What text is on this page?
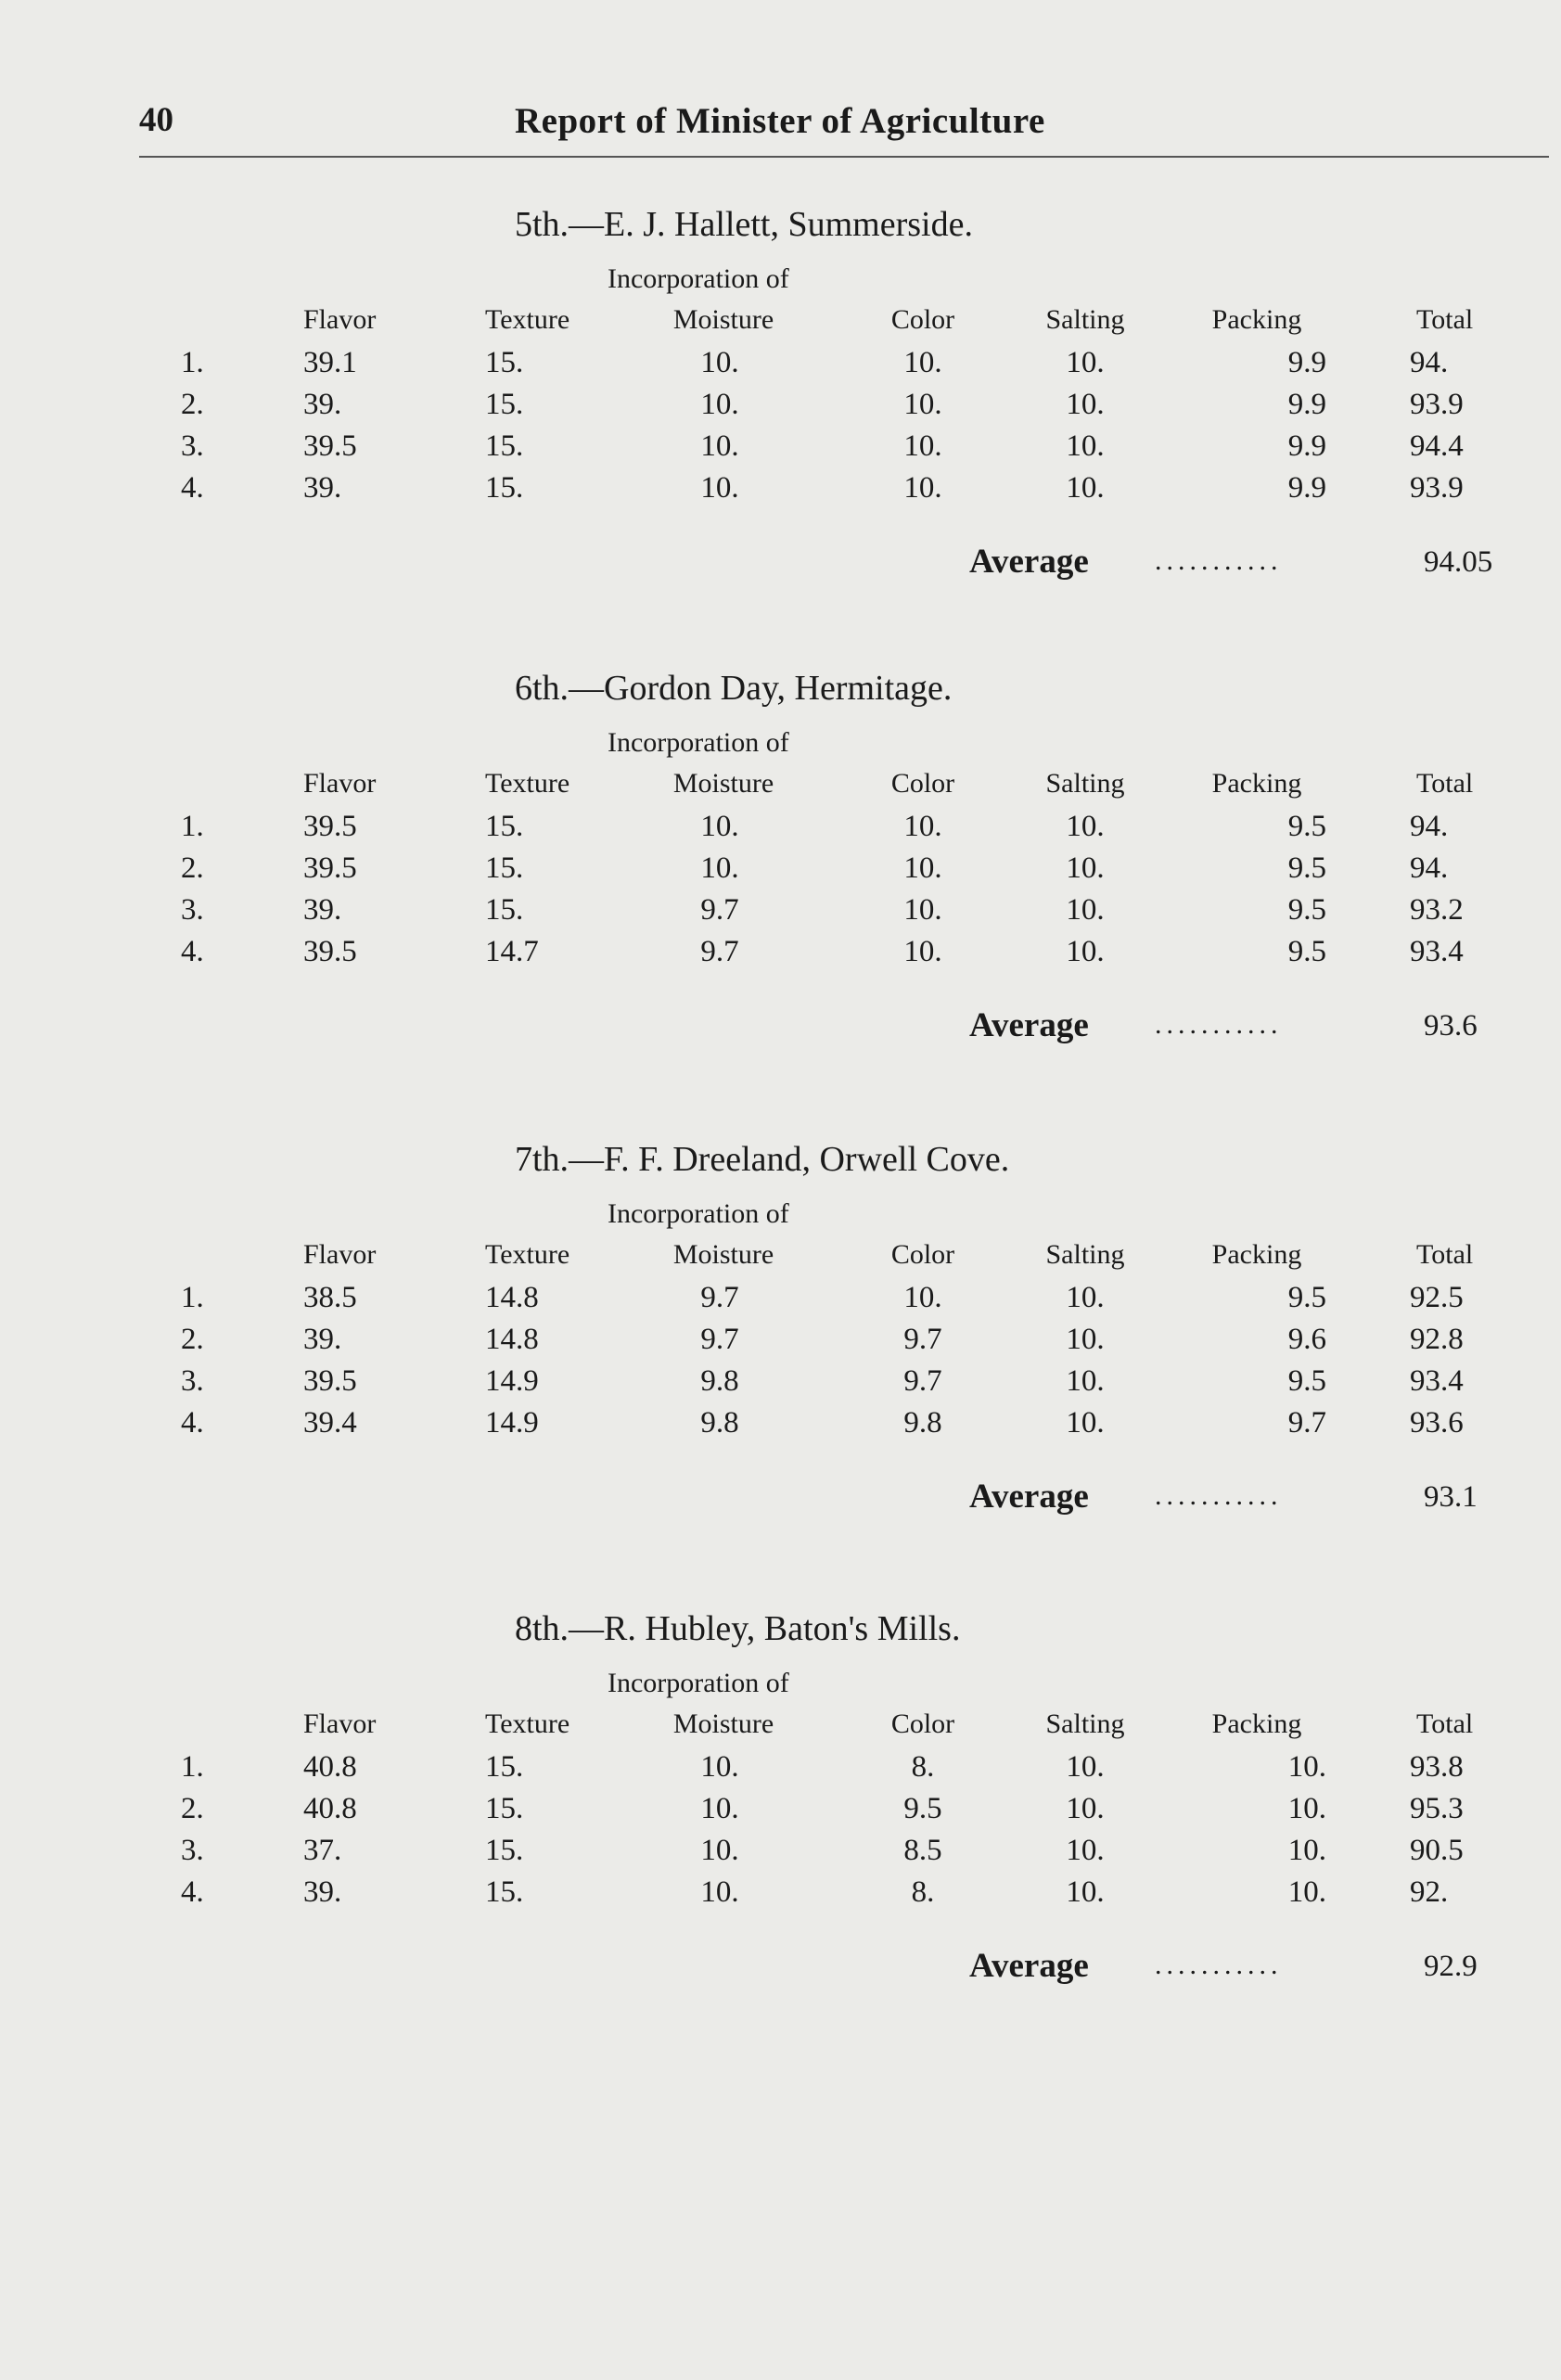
40	Report of Minister of Agriculture
5th.—E. J. Hallett, Summerside.
Incorporation of
Flavor	Texture	Moisture	Color	Salting	Packing	Total
1.	39.1	15.	10.	10.	10.	9.9	94.
2.	39.	15.	10.	10.	10.	9.9	93.9
3.	39.5	15.	10.	10.	10.	9.9	94.4
4.	39.	15.	10.	10.	10.	9.9	93.9
Average ...........	94.05
6th.—Gordon Day, Hermitage.
Incorporation of
Flavor	Texture	Moisture	Color	Salting	Packing	Total
1.	39.5	15.	10.	10.	10.	9.5	94.
2.	39.5	15.	10.	10.	10.	9.5	94.
3.	39.	15.	9.7	10.	10.	9.5	93.2
4.	39.5	14.7	9.7	10.	10.	9.5	93.4
Average ...........	93.6
7th.—F. F. Dreeland, Orwell Cove.
Incorporation of
Flavor	Texture	Moisture	Color	Salting	Packing	Total
1.	38.5	14.8	9.7	10.	10.	9.5	92.5
2.	39.	14.8	9.7	9.7	10.	9.6	92.8
3.	39.5	14.9	9.8	9.7	10.	9.5	93.4
4.	39.4	14.9	9.8	9.8	10.	9.7	93.6
Average ...........	93.1
8th.—R. Hubley, Baton's Mills.
Incorporation of
Flavor	Texture	Moisture	Color	Salting	Packing	Total
1.	40.8	15.	10.	8.	10.	10.	93.8
2.	40.8	15.	10.	9.5	10.	10.	95.3
3.	37.	15.	10.	8.5	10.	10.	90.5
4.	39.	15.	10.	8.	10.	10.	92.
Average ...........	92.9
